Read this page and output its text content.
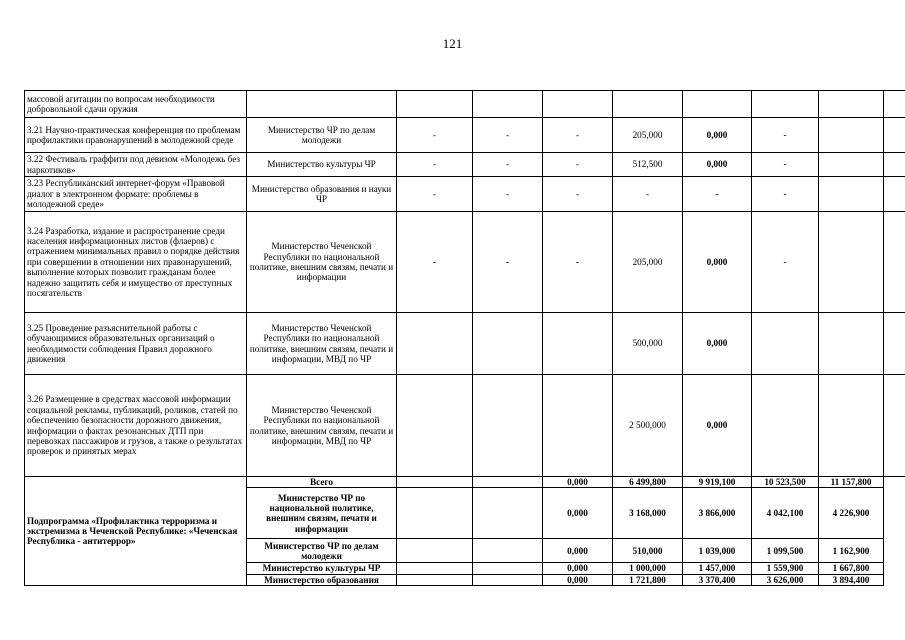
121
массовой агитации по вопросам необходимости добровольной сдачи оружия									
3.21 Научно-практическая конференция по проблемам профилактики правонарушений в молодежной среде	Министерство ЧР по делам молодежи	-	-	-	205,000	0,000	-		
3.22 Фестиваль граффити под девизом «Молодежь без наркотиков»	Министерство культуры ЧР	-	-	-	512,500	0,000	-		
3.23 Республиканский интернет-форум «Правовой диалог в электронном формате: проблемы в молодежной среде»	Министерство образования и науки ЧР	-	-	-	-	-	-		
3.24 Разработка, издание и распространение среди населения информационных листов (флаеров) с отражением минимальных правил о порядке действия при совершении в отношении них правонарушений, выполнение которых позволит гражданам более надежно защитить себя и имущество от преступных посягательств	Министерство Чеченской Республики по национальной политике, внешним связям, печати и информации	-	-	-	205,000	0,000	-		
3.25 Проведение разъяснительной работы с обучающимися образовательных организаций о необходимости соблюдения Правил дорожного движения	Министерство Чеченской Республики по национальной политике, внешним связям, печати и информации, МВД по ЧР				500,000	0,000			
3.26 Размещение в средствах массовой информации социальной рекламы, публикаций, роликов, статей по обеспечению безопасности дорожного движения, информации о фактах резонансных ДТП при перевозках пассажиров и грузов, а также о результатах проверок и принятых мерах	Министерство Чеченской Республики по национальной политике, внешним связям, печати и информации, МВД по ЧР				2 500,000	0,000			
Подпрограмма «Профилактика терроризма и экстремизма в Чеченской Республике: «Чеченская Республика - антитеррор»	Всего			0,000	6 499,800	9 919,100	10 523,500	11 157,800	
	Министерство ЧР по национальной политике, внешним связям, печати и информации			0,000	3 168,000	3 866,000	4 042,100	4 226,900	
	Министерство ЧР по делам молодежи			0,000	510,000	1 039,000	1 099,500	1 162,900	
	Министерство культуры ЧР			0,000	1 000,000	1 457,000	1 559,900	1 667,800	
	Министерство образования			0,000	1 721,800	3 370,400	3 626,000	3 894,400	
